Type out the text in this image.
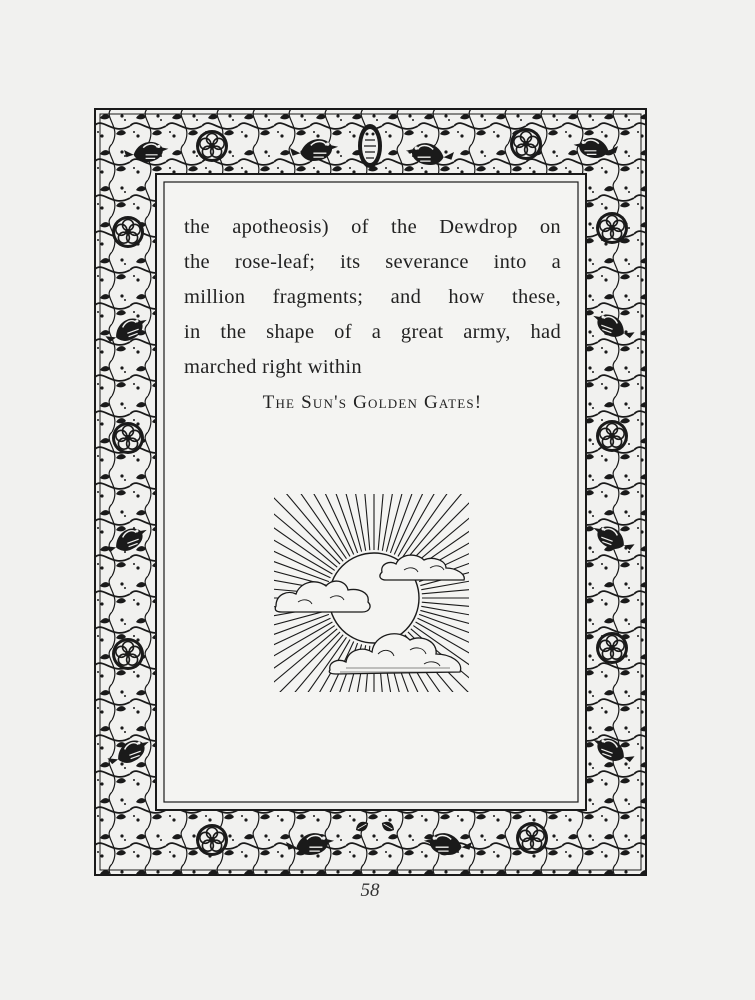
the apotheosis) of the Dewdrop on
the rose-leaf; its severance into a
million fragments; and how these,
in the shape of a great army, had
marched right within
The Sun's Golden Gates!
58
